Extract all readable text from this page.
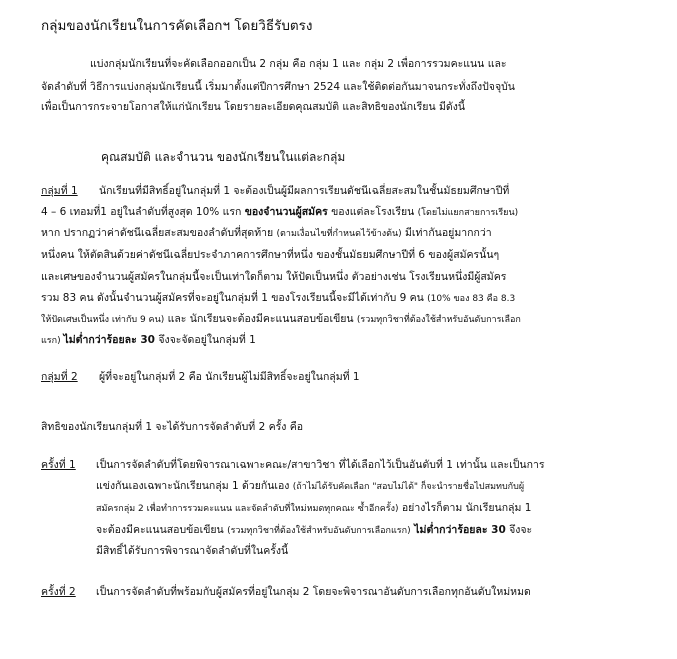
กลุ่มของนักเรียนในการคัดเลือกฯ โดยวิธีรับตรง
แบ่งกลุ่มนักเรียนที่จะคัดเลือกออกเป็น 2 กลุ่ม คือ กลุ่ม 1 และ กลุ่ม 2 เพื่อการรวมคะแนน และ
จัดลำดับที่ วิธีการแบ่งกลุ่มนักเรียนนี้ เริ่มมาตั้งแต่ปีการศึกษา 2524 และใช้ติดต่อกันมาจนกระทั่งถึงปัจจุบัน
เพื่อเป็นการกระจายโอกาสให้แก่นักเรียน โดยรายละเอียดคุณสมบัติ และสิทธิของนักเรียน มีดังนี้
คุณสมบัติ และจำนวน ของนักเรียนในแต่ละกลุ่ม
กลุ่มที่ 1 นักเรียนที่มีสิทธิ์อยู่ในกลุ่มที่ 1 จะต้องเป็นผู้มีผลการเรียนดัชนีเฉลี่ยสะสมในชั้นมัธยมศึกษาปีที่
4 – 6 เทอมที่1 อยู่ในลำดับที่สูงสุด 10% แรก ของจำนวนผู้สมัคร ของแต่ละโรงเรียน (โดยไม่แยกสายการเรียน)
หาก ปรากฏว่าค่าดัชนีเฉลี่ยสะสมของลำดับที่สุดท้าย (ตามเงื่อนไขที่กำหนดไว้ข้างต้น) มีเท่ากันอยู่มากกว่า
หนึ่งคน ให้ตัดสินด้วยค่าดัชนีเฉลี่ยประจำภาคการศึกษาที่หนึ่ง ของชั้นมัธยมศึกษาปีที่ 6 ของผู้สมัครนั้นๆ
และเศษของจำนวนผู้สมัครในกลุ่มนี้จะเป็นเท่าใดก็ตาม ให้ปัดเป็นหนึ่ง ตัวอย่างเช่น โรงเรียนหนึ่งมีผู้สมัคร
รวม 83 คน ดังนั้นจำนวนผู้สมัครที่จะอยู่ในกลุ่มที่ 1 ของโรงเรียนนี้จะมีได้เท่ากับ 9 คน (10% ของ 83 คือ 8.3
ให้ปัดเศษเป็นหนึ่ง เท่ากับ 9 คน) และ นักเรียนจะต้องมีคะแนนสอบข้อเขียน (รวมทุกวิชาที่ต้องใช้สำหรับอันดับการเลือก
แรก) ไม่ต่ำกว่าร้อยละ 30 จึงจะจัดอยู่ในกลุ่มที่ 1
กลุ่มที่ 2 ผู้ที่จะอยู่ในกลุ่มที่ 2 คือ นักเรียนผู้ไม่มีสิทธิ์จะอยู่ในกลุ่มที่ 1
สิทธิของนักเรียนกลุ่มที่ 1 จะได้รับการจัดลำดับที่ 2 ครั้ง คือ
ครั้งที่ 1 เป็นการจัดลำดับที่โดยพิจารณาเฉพาะคณะ/สาขาวิชา ที่ได้เลือกไว้เป็นอันดับที่ 1 เท่านั้น และเป็นการ
แข่งกันเองเฉพาะนักเรียนกลุ่ม 1 ด้วยกันเอง (ถ้าไม่ได้รับคัดเลือก "สอบไม่ได้" ก็จะนำรายชื่อไปสมทบกับผู้
สมัครกลุ่ม 2 เพื่อทำการรวมคะแนน และจัดลำดับที่ใหม่หมดทุกคณะ ซ้ำอีกครั้ง) อย่างไรก็ตาม นักเรียนกลุ่ม 1
จะต้องมีคะแนนสอบข้อเขียน (รวมทุกวิชาที่ต้องใช้สำหรับอันดับการเลือกแรก) ไม่ต่ำกว่าร้อยละ 30 จึงจะ
มีสิทธิ์ได้รับการพิจารณาจัดลำดับที่ในครั้งนี้
ครั้งที่ 2 เป็นการจัดลำดับที่พร้อมกับผู้สมัครที่อยู่ในกลุ่ม 2 โดยจะพิจารณาอันดับการเลือกทุกอันดับใหม่หมด
